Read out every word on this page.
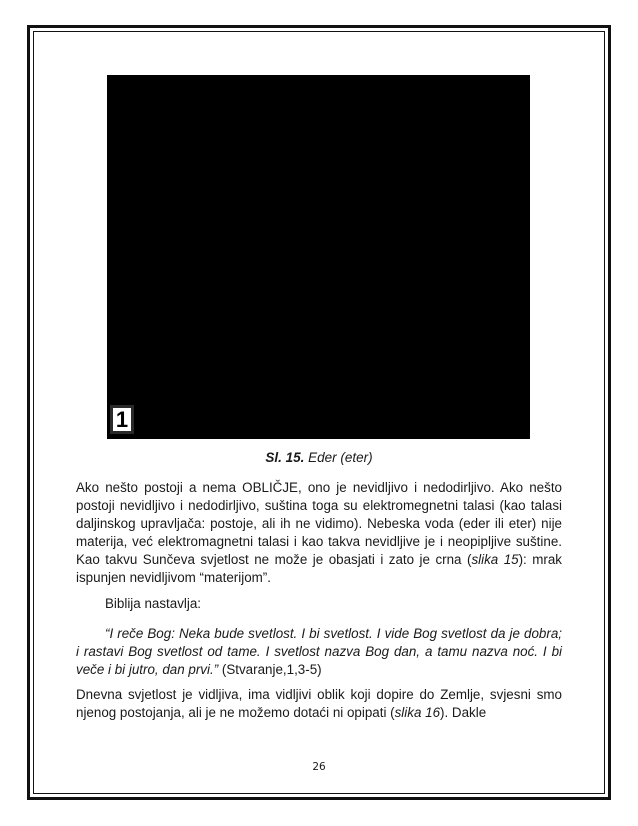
1
Sl. 15. Eder (eter)
Ako nešto postoji a nema OBLIČJE, ono je nevidljivo i nedodirljivo. Ako nešto postoji nevidljivo i nedodirljivo, suština toga su elektromegnetni talasi (kao talasi daljinskog upravljača: postoje, ali ih ne vidimo). Nebeska voda (eder ili eter) nije materija, već elektromagnetni talasi i kao takva nevidljive je i neopipljive suštine. Kao takvu Sunčeva svjetlost ne može je obasjati i zato je crna (slika 15): mrak ispunjen nevidljivom “materijom”.
Biblija nastavlja:
“I reče Bog: Neka bude svetlost. I bi svetlost. I vide Bog svetlost da je dobra; i rastavi Bog svetlost od tame. I svetlost nazva Bog dan, a tamu nazva noć. I bi veče i bi jutro, dan prvi.” (Stvaranje,1,3-5)
Dnevna svjetlost je vidljiva, ima vidljivi oblik koji dopire do Zemlje, svjesni smo njenog postojanja, ali je ne možemo dotaći ni opipati (slika 16). Dakle
26
